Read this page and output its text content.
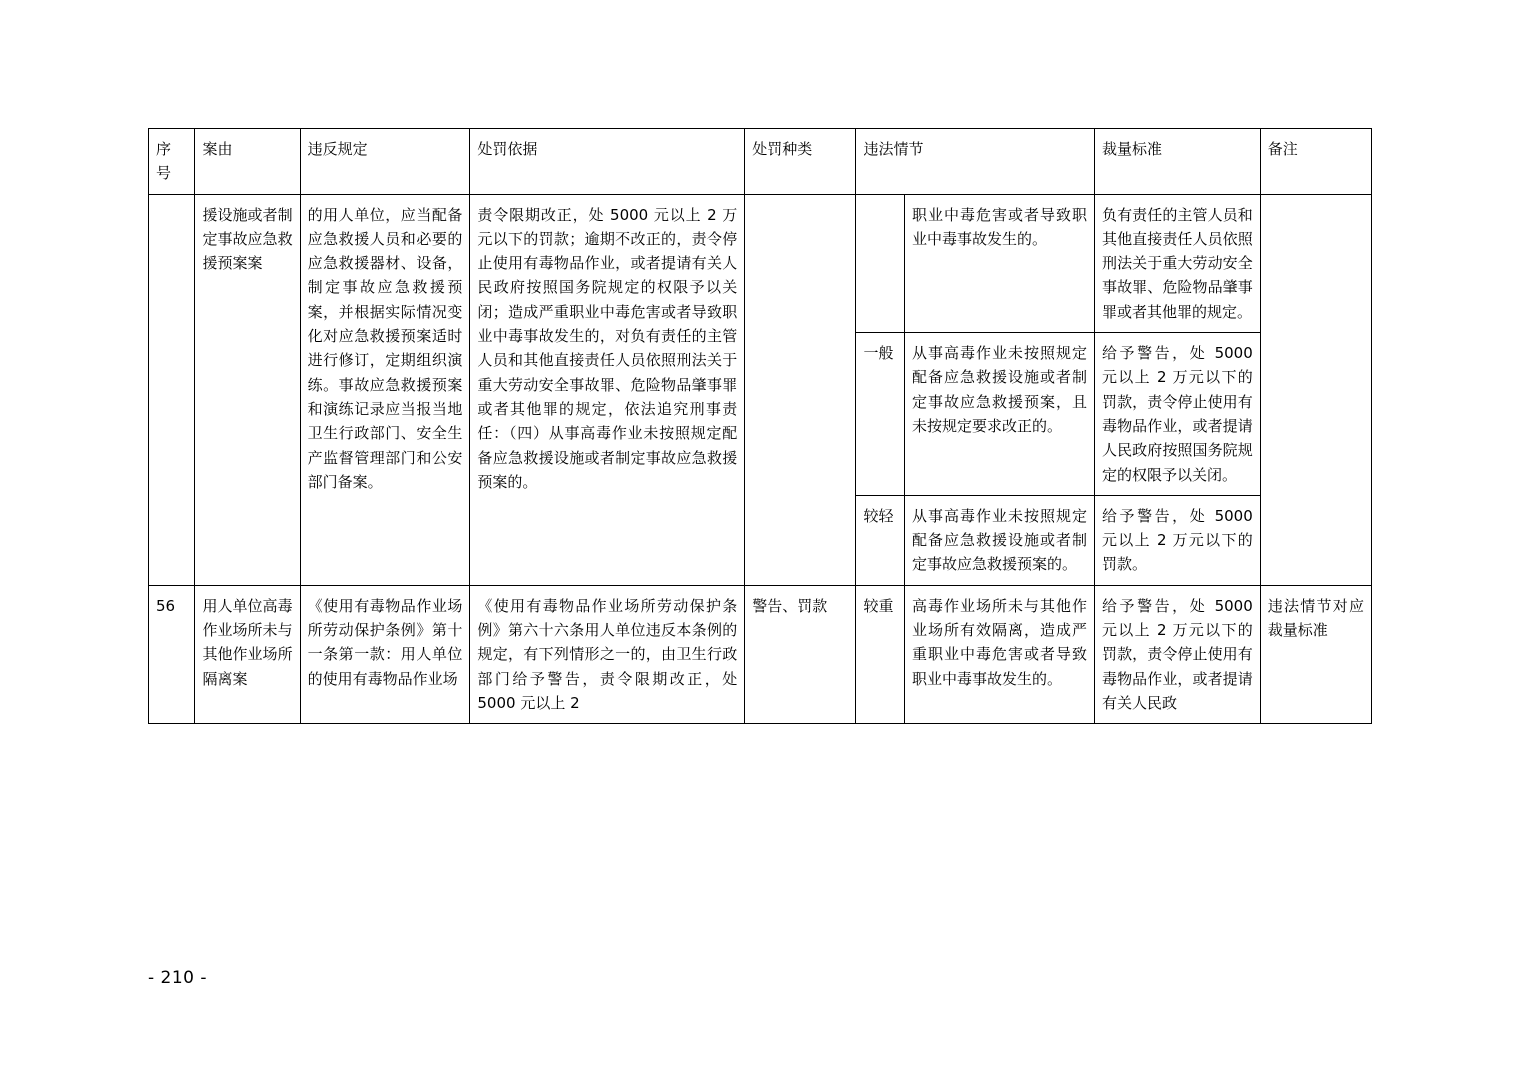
序
号	案由	违反规定	处罚依据	处罚种类	违法情节		裁量标准	备注
	援设施或者制定事故应急救援预案案	的用人单位，应当配备应急救援人员和必要的应急救援器材、设备，制定事故应急救援预案，并根据实际情况变化对应急救援预案适时进行修订，定期组织演练。事故应急救援预案和演练记录应当报当地卫生行政部门、安全生产监督管理部门和公安部门备案。	责令限期改正，处 5000 元以上 2 万元以下的罚款；逾期不改正的，责令停止使用有毒物品作业，或者提请有关人民政府按照国务院规定的权限予以关闭；造成严重职业中毒危害或者导致职业中毒事故发生的，对负有责任的主管人员和其他直接责任人员依照刑法关于重大劳动安全事故罪、危险物品肇事罪或者其他罪的规定，依法追究刑事责任：（四）从事高毒作业未按照规定配备应急救援设施或者制定事故应急救援预案的。			职业中毒危害或者导致职业中毒事故发生的。	负有责任的主管人员和其他直接责任人员依照刑法关于重大劳动安全事故罪、危险物品肇事罪或者其他罪的规定。	
					一般	从事高毒作业未按照规定配备应急救援设施或者制定事故应急救援预案，且未按规定要求改正的。	给予警告，处 5000 元以上 2 万元以下的罚款，责令停止使用有毒物品作业，或者提请人民政府按照国务院规定的权限予以关闭。	
					较轻	从事高毒作业未按照规定配备应急救援设施或者制定事故应急救援预案的。	给予警告，处 5000 元以上 2 万元以下的罚款。	
56	用人单位高毒作业场所未与其他作业场所隔离案	《使用有毒物品作业场所劳动保护条例》第十一条第一款：用人单位的使用有毒物品作业场	《使用有毒物品作业场所劳动保护条例》第六十六条用人单位违反本条例的规定，有下列情形之一的，由卫生行政部门给予警告，责令限期改正，处 5000 元以上 2	警告、罚款	较重	高毒作业场所未与其他作业场所有效隔离，造成严重职业中毒危害或者导致职业中毒事故发生的。	给予警告，处 5000 元以上 2 万元以下的罚款，责令停止使用有毒物品作业，或者提请有关人民政	违法情节对应裁量标准
- 210 -
